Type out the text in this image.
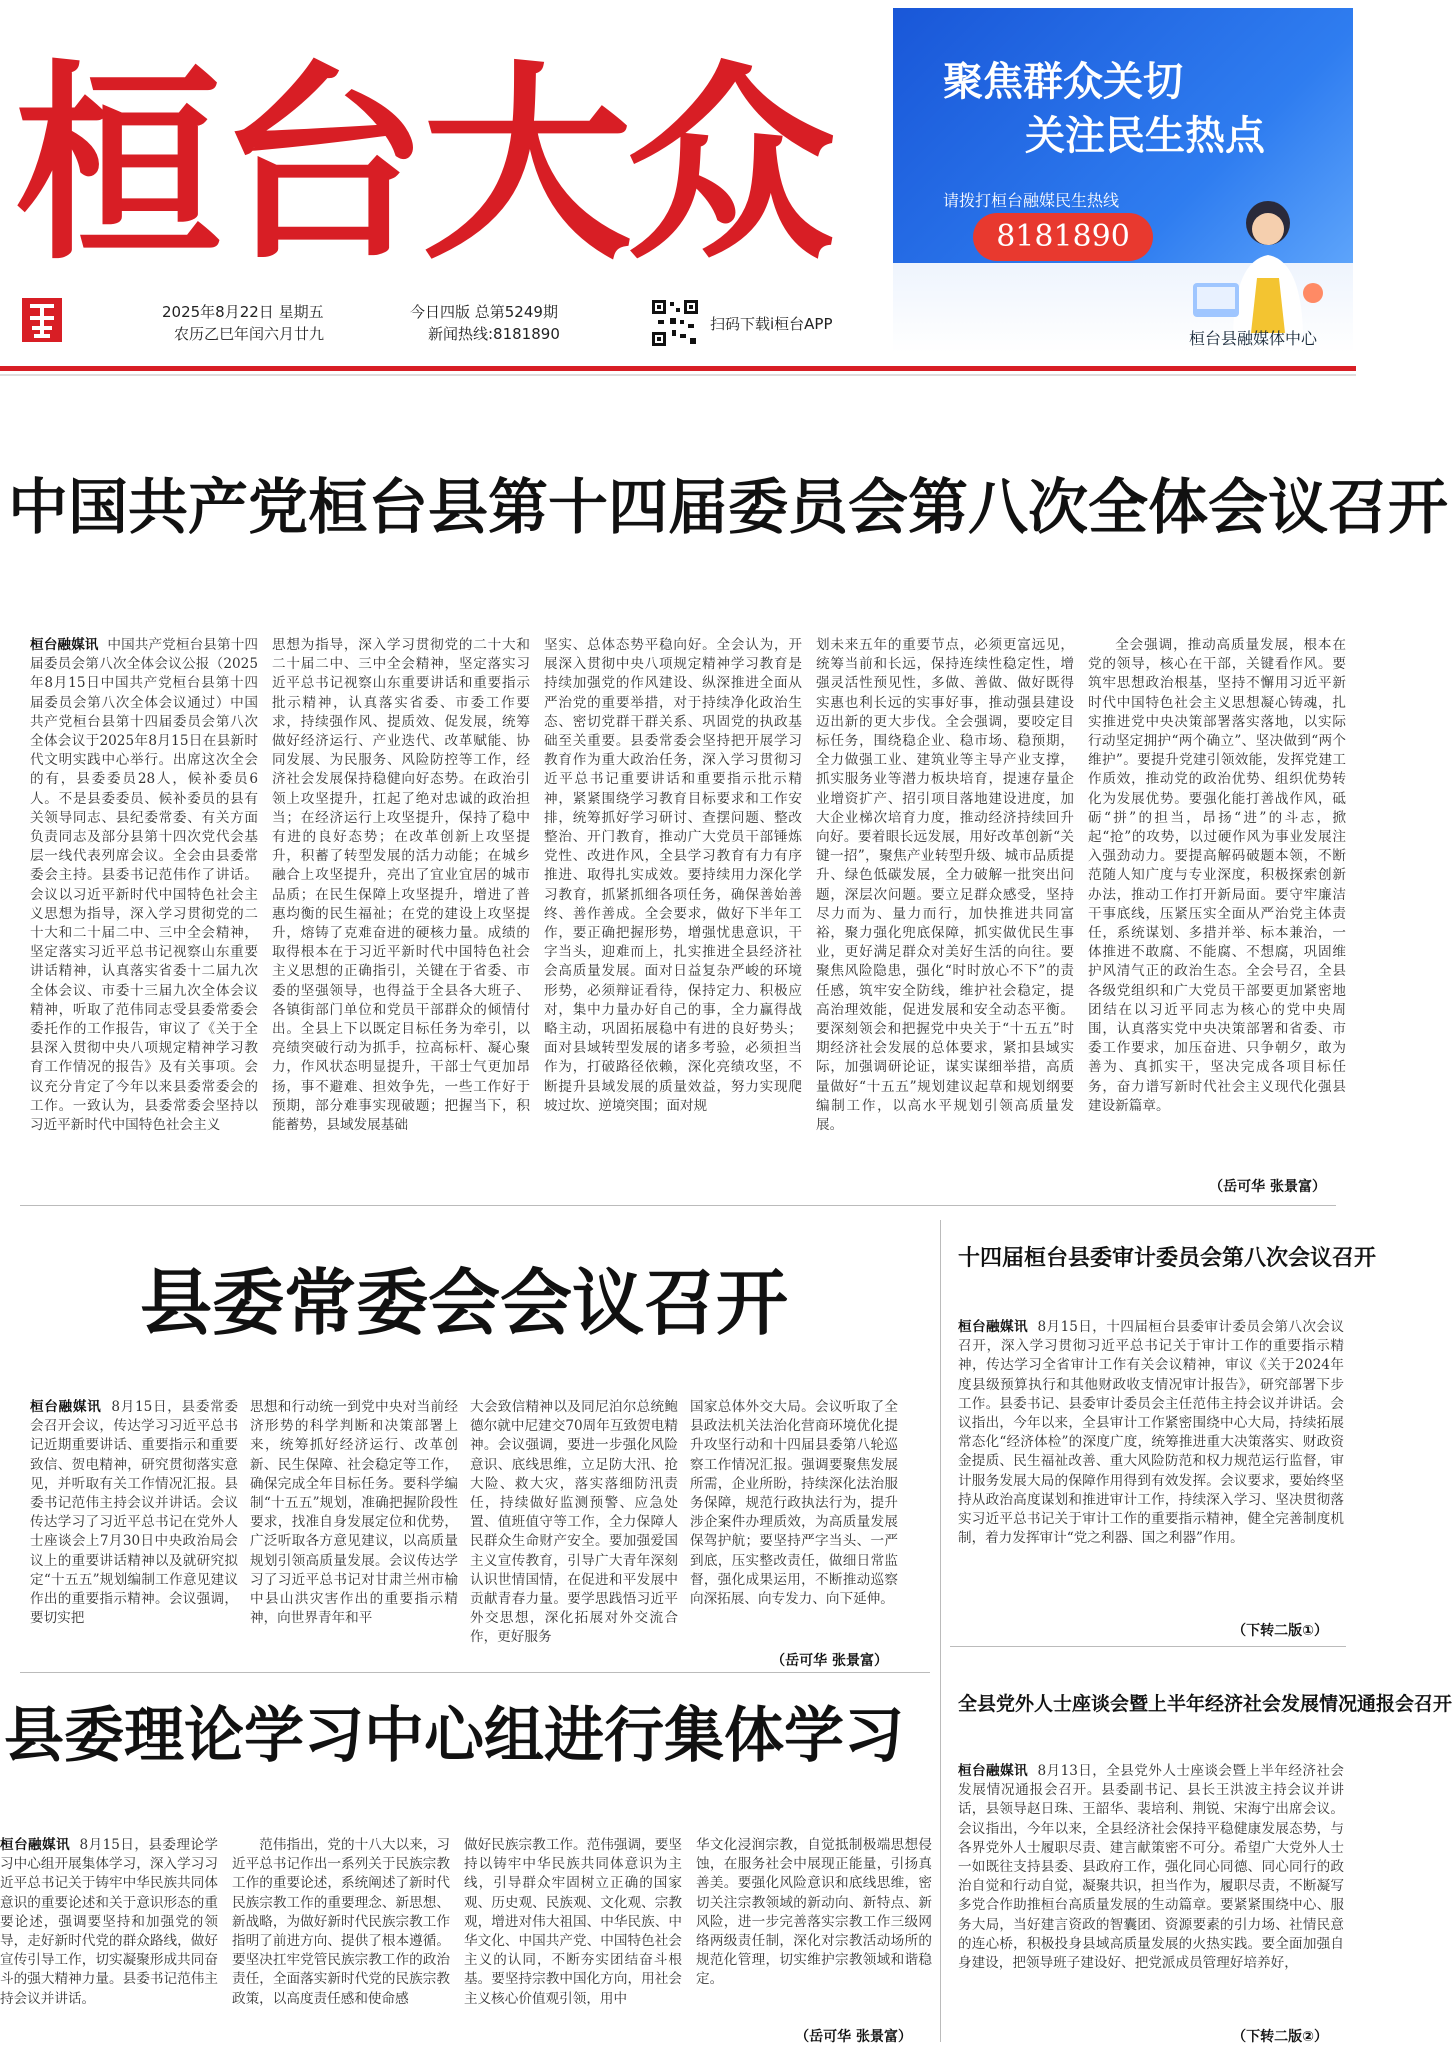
桓台大众	聚焦群众关切
关注民生热点
请拨打桓台融媒民生热线
8181890
桓台县融媒体中心
2025年8月22日 星期五
农历乙巳年闰六月廿九
今日四版 总第5249期
新闻热线:8181890
扫码下载i桓台APP
中国共产党桓台县第十四届委员会第八次全体会议召开

桓台融媒讯 中国共产党桓台县第十四届委员会第八次全体会议公报（2025年8月15日中国共产党桓台县第十四届委员会第八次全体会议通过）中国共产党桓台县第十四届委员会第八次全体会议于2025年8月15日在县新时代文明实践中心举行。出席这次全会的有，县委委员28人，候补委员6人。不是县委委员、候补委员的县有关领导同志、县纪委常委、有关方面负责同志及部分县第十四次党代会基层一线代表列席会议。全会由县委常委会主持。县委书记范伟作了讲话。会议以习近平新时代中国特色社会主义思想为指导，深入学习贯彻党的二十大和二十届二中、三中全会精神，坚定落实习近平总书记视察山东重要讲话精神，认真落实省委十二届九次全体会议、市委十三届九次全体会议精神，听取了范伟同志受县委常委会委托作的工作报告，审议了《关于全县深入贯彻中央八项规定精神学习教育工作情况的报告》及有关事项。会议充分肯定了今年以来县委常委会的工作。一致认为，县委常委会坚持以习近平新时代中国特色社会主义

思想为指导，深入学习贯彻党的二十大和二十届二中、三中全会精神，坚定落实习近平总书记视察山东重要讲话和重要指示批示精神，认真落实省委、市委工作要求，持续强作风、提质效、促发展，统筹做好经济运行、产业迭代、改革赋能、协同发展、为民服务、风险防控等工作，经济社会发展保持稳健向好态势。在政治引领上攻坚提升，扛起了绝对忠诚的政治担当；在经济运行上攻坚提升，保持了稳中有进的良好态势；在改革创新上攻坚提升，积蓄了转型发展的活力动能；在城乡融合上攻坚提升，亮出了宜业宜居的城市品质；在民生保障上攻坚提升，增进了普惠均衡的民生福祉；在党的建设上攻坚提升，熔铸了克难奋进的硬核力量。成绩的取得根本在于习近平新时代中国特色社会主义思想的正确指引，关键在于省委、市委的坚强领导，也得益于全县各大班子、各镇街部门单位和党员干部群众的倾情付出。全县上下以既定目标任务为牵引，以亮绩突破行动为抓手，拉高标杆、凝心聚力，作风状态明显提升，干部士气更加昂扬，事不避难、担效争先，一些工作好于预期，部分难事实现破题；把握当下，积能蓄势，县域发展基础

坚实、总体态势平稳向好。全会认为，开展深入贯彻中央八项规定精神学习教育是持续加强党的作风建设、纵深推进全面从严治党的重要举措，对于持续净化政治生态、密切党群干群关系、巩固党的执政基础至关重要。县委常委会坚持把开展学习教育作为重大政治任务，深入学习贯彻习近平总书记重要讲话和重要指示批示精神，紧紧围绕学习教育目标要求和工作安排，统筹抓好学习研讨、查摆问题、整改整治、开门教育，推动广大党员干部锤炼党性、改进作风，全县学习教育有力有序推进、取得扎实成效。要持续用力深化学习教育，抓紧抓细各项任务，确保善始善终、善作善成。全会要求，做好下半年工作，要正确把握形势，增强忧患意识，干字当头，迎难而上，扎实推进全县经济社会高质量发展。面对日益复杂严峻的环境形势，必须辩证看待，保持定力、积极应对，集中力量办好自己的事，全力赢得战略主动，巩固拓展稳中有进的良好势头；面对县域转型发展的诸多考验，必须担当作为，打破路径依赖，深化亮绩攻坚，不断提升县域发展的质量效益，努力实现爬坡过坎、逆境突围；面对规

划未来五年的重要节点，必须更富远见，统筹当前和长远，保持连续性稳定性，增强灵活性预见性，多做、善做、做好既得实惠也利长远的实事好事，推动强县建设迈出新的更大步伐。全会强调，要咬定目标任务，围绕稳企业、稳市场、稳预期，全力做强工业、建筑业等主导产业支撑，抓实服务业等潜力板块培育，提速存量企业增资扩产、招引项目落地建设进度，加大企业梯次培育力度，推动经济持续回升向好。要着眼长远发展，用好改革创新“关键一招”，聚焦产业转型升级、城市品质提升、绿色低碳发展，全力破解一批突出问题，深层次问题。要立足群众感受，坚持尽力而为、量力而行，加快推进共同富裕，聚力强化兜底保障，抓实做优民生事业，更好满足群众对美好生活的向往。要聚焦风险隐患，强化“时时放心不下”的责任感，筑牢安全防线，维护社会稳定，提高治理效能，促进发展和安全动态平衡。要深刻领会和把握党中央关于“十五五”时期经济社会发展的总体要求，紧扣县域实际，加强调研论证，谋实谋细举措，高质量做好“十五五”规划建议起草和规划纲要编制工作，以高水平规划引领高质量发展。

全会强调，推动高质量发展，根本在党的领导，核心在干部，关键看作风。要筑牢思想政治根基，坚持不懈用习近平新时代中国特色社会主义思想凝心铸魂，扎实推进党中央决策部署落实落地，以实际行动坚定拥护“两个确立”、坚决做到“两个维护”。要提升党建引领效能，发挥党建工作质效，推动党的政治优势、组织优势转化为发展优势。要强化能打善战作风，砥砺“拼”的担当，昂扬“进”的斗志，掀起“抢”的攻势，以过硬作风为事业发展注入强劲动力。要提高解码破题本领，不断范随人知广度与专业深度，积极探索创新办法，推动工作打开新局面。要守牢廉洁干事底线，压紧压实全面从严治党主体责任，系统谋划、多措并举、标本兼治，一体推进不敢腐、不能腐、不想腐，巩固维护风清气正的政治生态。全会号召，全县各级党组织和广大党员干部要更加紧密地团结在以习近平同志为核心的党中央周围，认真落实党中央决策部署和省委、市委工作要求，加压奋进、只争朝夕，敢为善为、真抓实干，坚决完成各项目标任务，奋力谱写新时代社会主义现代化强县建设新篇章。

（岳可华 张景富）
县委常委会会议召开

桓台融媒讯 8月15日，县委常委会召开会议，传达学习习近平总书记近期重要讲话、重要指示和重要致信、贺电精神，研究贯彻落实意见，并听取有关工作情况汇报。县委书记范伟主持会议并讲话。会议传达学习了习近平总书记在党外人士座谈会上7月30日中央政治局会议上的重要讲话精神以及就研究拟定“十五五”规划编制工作意见建议作出的重要指示精神。会议强调，要切实把

思想和行动统一到党中央对当前经济形势的科学判断和决策部署上来，统筹抓好经济运行、改革创新、民生保障、社会稳定等工作，确保完成全年目标任务。要科学编制“十五五”规划，准确把握阶段性要求，找准自身发展定位和优势，广泛听取各方意见建议，以高质量规划引领高质量发展。会议传达学习了习近平总书记对甘肃兰州市榆中县山洪灾害作出的重要指示精神，向世界青年和平

大会致信精神以及同尼泊尔总统鲍德尔就中尼建交70周年互致贺电精神。会议强调，要进一步强化风险意识、底线思维，立足防大汛、抢大险、救大灾，落实落细防汛责任，持续做好监测预警、应急处置、值班值守等工作，全力保障人民群众生命财产安全。要加强爱国主义宣传教育，引导广大青年深刻认识世情国情，在促进和平发展中贡献青春力量。要学思践悟习近平外交思想，深化拓展对外交流合作，更好服务

国家总体外交大局。会议听取了全县政法机关法治化营商环境优化提升攻坚行动和十四届县委第八轮巡察工作情况汇报。强调要聚焦发展所需，企业所盼，持续深化法治服务保障，规范行政执法行为，提升涉企案件办理质效，为高质量发展保驾护航；要坚持严字当头、一严到底，压实整改责任，做细日常监督，强化成果运用，不断推动巡察向深拓展、向专发力、向下延伸。

（岳可华 张景富）
十四届桓台县委审计委员会第八次会议召开

桓台融媒讯 8月15日，十四届桓台县委审计委员会第八次会议召开，深入学习贯彻习近平总书记关于审计工作的重要指示精神，传达学习全省审计工作有关会议精神，审议《关于2024年度县级预算执行和其他财政收支情况审计报告》，研究部署下步工作。县委书记、县委审计委员会主任范伟主持会议并讲话。会议指出，今年以来，全县审计工作紧密围绕中心大局，持续拓展常态化“经济体检”的深度广度，统筹推进重大决策落实、财政资金提质、民生福祉改善、重大风险防范和权力规范运行监督，审计服务发展大局的保障作用得到有效发挥。会议要求，要始终坚持从政治高度谋划和推进审计工作，持续深入学习、坚决贯彻落实习近平总书记关于审计工作的重要指示精神，健全完善制度机制，着力发挥审计“党之利器、国之利器”作用。

（下转二版①）
县委理论学习中心组进行集体学习

桓台融媒讯 8月15日，县委理论学习中心组开展集体学习，深入学习习近平总书记关于铸牢中华民族共同体意识的重要论述和关于意识形态的重要论述，强调要坚持和加强党的领导，走好新时代党的群众路线，做好宣传引导工作，切实凝聚形成共同奋斗的强大精神力量。县委书记范伟主持会议并讲话。

范伟指出，党的十八大以来，习近平总书记作出一系列关于民族宗教工作的重要论述，系统阐述了新时代民族宗教工作的重要理念、新思想、新战略，为做好新时代民族宗教工作指明了前进方向、提供了根本遵循。要坚决扛牢党管民族宗教工作的政治责任，全面落实新时代党的民族宗教政策，以高度责任感和使命感

做好民族宗教工作。范伟强调，要坚持以铸牢中华民族共同体意识为主线，引导群众牢固树立正确的国家观、历史观、民族观、文化观、宗教观，增进对伟大祖国、中华民族、中华文化、中国共产党、中国特色社会主义的认同，不断夯实团结奋斗根基。要坚持宗教中国化方向，用社会主义核心价值观引领，用中

华文化浸润宗教，自觉抵制极端思想侵蚀，在服务社会中展现正能量，引扬真善美。要强化风险意识和底线思维，密切关注宗教领域的新动向、新特点、新风险，进一步完善落实宗教工作三级网络两级责任制，深化对宗教活动场所的规范化管理，切实维护宗教领域和谐稳定。

（岳可华 张景富）
全县党外人士座谈会暨上半年经济社会发展情况通报会召开

桓台融媒讯 8月13日，全县党外人士座谈会暨上半年经济社会发展情况通报会召开。县委副书记、县长王洪波主持会议并讲话，县领导赵日珠、王韶华、裴培利、荆锐、宋海宁出席会议。会议指出，今年以来，全县经济社会保持平稳健康发展态势，与各界党外人士履职尽责、建言献策密不可分。希望广大党外人士一如既往支持县委、县政府工作，强化同心同德、同心同行的政治自觉和行动自觉，凝聚共识，担当作为，履职尽责，不断凝写多党合作助推桓台高质量发展的生动篇章。要紧紧围绕中心、服务大局，当好建言资政的智囊团、资源要素的引力场、社情民意的连心桥，积极投身县域高质量发展的火热实践。要全面加强自身建设，把领导班子建设好、把党派成员管理好培养好，

（下转二版②）
